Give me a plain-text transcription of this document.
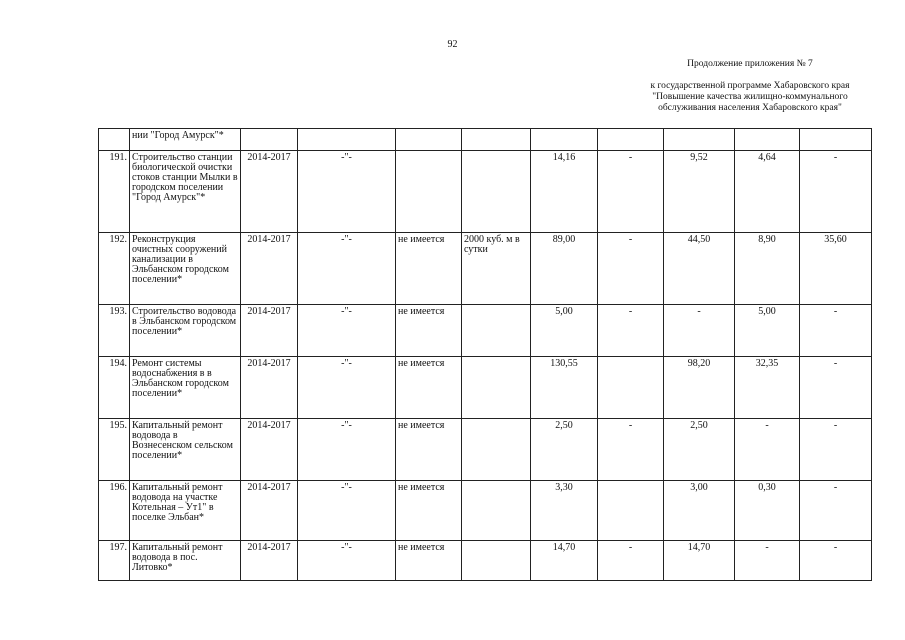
92
Продолжение приложения № 7
к государственной программе Хабаровского края
"Повышение качества жилищно-коммунального
обслуживания населения Хабаровского края"
	нии "Город Амурск"*									
191.	Строительство станции биологической очистки стоков станции Мылки в городском поселении "Город Амурск"*	2014-2017	-"-			14,16	-	9,52	4,64	-
192.	Реконструкция очистных сооружений канализации в Эльбанском городском поселении*	2014-2017	-"-	не имеется	2000 куб. м в сутки	89,00	-	44,50	8,90	35,60
193.	Строительство водовода в Эльбанском городском поселении*	2014-2017	-"-	не имеется		5,00	-	-	5,00	-
194.	Ремонт системы водоснабжения в в Эльбанском городском поселении*	2014-2017	-"-	не имеется		130,55		98,20	32,35	-
195.	Капитальный ремонт водовода в Вознесенском сельском поселении*	2014-2017	-"-	не имеется		2,50	-	2,50	-	-
196.	Капитальный ремонт водовода на участке Котельная – Ут1" в поселке Эльбан*	2014-2017	-"-	не имеется		3,30		3,00	0,30	-
197.	Капитальный ремонт водовода в пос. Литовко*	2014-2017	-"-	не имеется		14,70	-	14,70	-	-
